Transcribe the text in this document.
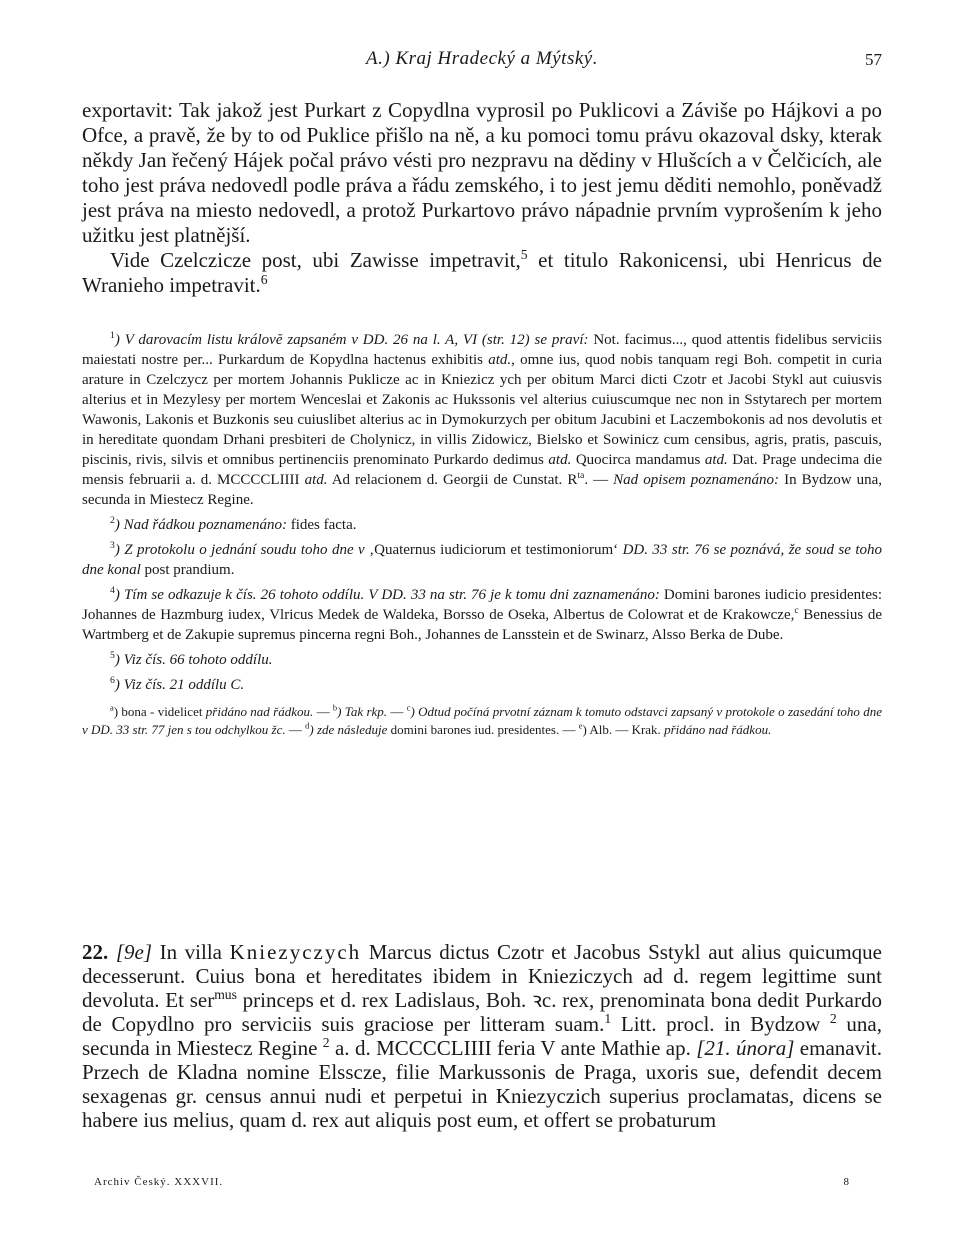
A.) Kraj Hradecký a Mýtský.	57

exportavit: Tak jakož jest Purkart z Copydlna vyprosil po Puklicovi a Záviše po Hájkovi a po Ofce, a pravě, že by to od Puklice přišlo na ně, a ku pomoci tomu právu okazoval dsky, kterak někdy Jan řečený Hájek počal právo vésti pro nezpravu na dědiny v Hlušcích a v Čelčicích, ale toho jest práva nedovedl podle práva a řádu zemského, i to jest jemu děditi nemohlo, poněvadž jest práva na miesto nedovedl, a protož Purkartovo právo nápadnie prvním vyprošením k jeho užitku jest platnější.

Vide Czelczicze post, ubi Zawisse impetravit,$^5$ et titulo Rakonicensi, ubi Henricus de Wranieho impetravit.$^6$

$^1$) V darovacím listu královĕ zapsaném v DD. 26 na l. A, VI (str. 12) se praví: Not. facimus..., quod attentis fidelibus serviciis maiestati nostre per... Purkardum de Kopydlna hactenus exhibitis atd., omne ius, quod nobis tanquam regi Boh. competit in curia arature in Czelczycz per mortem Johannis Puklicze ac in Kniezicz ych per obitum Marci dicti Czotr et Jacobi Stykl aut cuiusvis alterius et in Mezylesy per mortem Wenceslai et Zakonis ac Hukssonis vel alterius cuiuscumque nec non in Sstytarech per mortem Wawonis, Lakonis et Buzkonis seu cuiuslibet alterius ac in Dymokurzych per obitum Jacubini et Laczembokonis ad nos devolutis et in hereditate quondam Drhani presbiteri de Cholynicz, in villis Zidowicz, Bielsko et Sowinicz cum censibus, agris, pratis, pascuis, piscinis, rivis, silvis et omnibus pertinenciis prenominato Purkardo dedimus atd. Quocirca mandamus atd. Dat. Prage undecima die mensis februarii a. d. MCCCCLIIII atd. Ad relacionem d. Georgii de Cunstat. $R^{ta}$. — Nad opisem poznamenáno: In Bydzow una, secunda in Miestecz Regine.

$^2$) Nad řádkou poznamenáno: fides facta.

$^3$) Z protokolu o jednání soudu toho dne v ‚Quaternus iudiciorum et testimoniorum‘ DD. 33 str. 76 se poznává, že soud se toho dne konal post prandium.

$^4$) Tím se odkazuje k čís. 26 tohoto oddílu. V DD. 33 na str. 76 je k tomu dni zaznamenáno: Domini barones iudicio presidentes: Johannes de Hazmburg iudex, Vlricus Medek de Waldeka, Borsso de Oseka, Albertus de Colowrat et de Krakowcze,$^c$ Benessius de Wartmberg et de Zakupie supremus pincerna regni Boh., Johannes de Lansstein et de Swinarz, Alsso Berka de Dube.

$^5$) Viz čís. 66 tohoto oddílu.

$^6$) Viz čís. 21 oddílu C.

$^a$) bona - videlicet přidáno nad řádkou. — $^b$) Tak rkp. — $^c$) Odtud počíná prvotní záznam k tomuto odstavci zapsaný v protokole o zasedání toho dne v DD. 33 str. 77 jen s tou odchylkou žc. — $^d$) zde následuje domini barones iud. presidentes. — $^e$) Alb. — Krak. přidáno nad řádkou.

22. [9e] In villa Kniezyczych Marcus dictus Czotr et Jacobus Sstykl aut alius quicumque decesserunt. Cuius bona et hereditates ibidem in Knieziczych ad d. regem legittime sunt devoluta. Et ser$^{mus}$ princeps et d. rex Ladislaus, Boh. ꝛc. rex, prenominata bona dedit Purkardo de Copydlno pro serviciis suis graciose per litteram suam.$^1$ Litt. procl. in Bydzow $^2$ una, secunda in Miestecz Regine $^2$ a. d. MCCCCLIIII feria V ante Mathie ap. [21. února] emanavit. Przech de Kladna nomine Elsscze, filie Markussonis de Praga, uxoris sue, defendit decem sexagenas gr. census annui nudi et perpetui in Kniezyczich superius proclamatas, dicens se habere ius melius, quam d. rex aut aliquis post eum, et offert se probaturum

Archiv Český. XXXVII.	8
